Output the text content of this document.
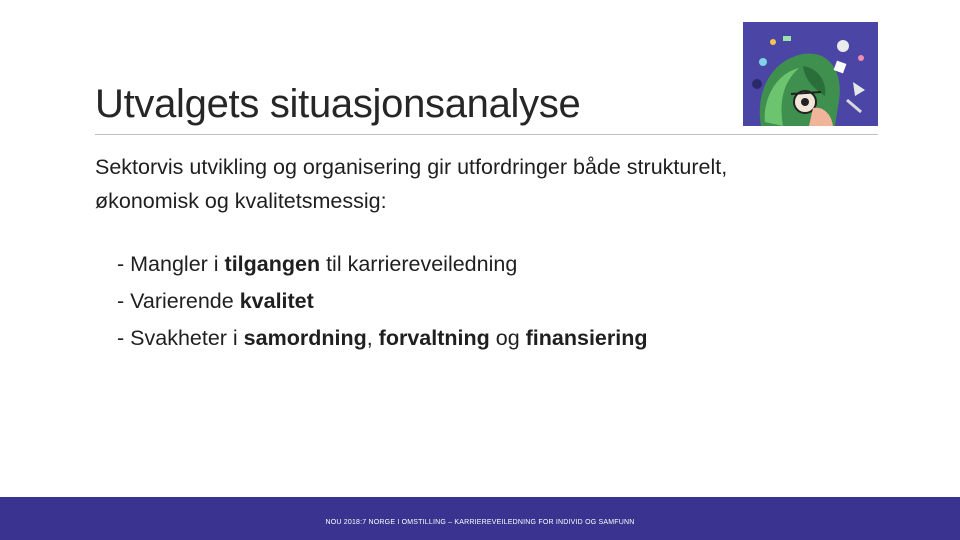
Utvalgets situasjonsanalyse
Sektorvis utvikling og organisering gir utfordringer både strukturelt,
økonomisk og kvalitetsmessig:
- Mangler i tilgangen til karriereveiledning
- Varierende kvalitet
- Svakheter i samordning, forvaltning og finansiering
NOU 2018:7 NORGE I OMSTILLING – KARRIEREVEILEDNING FOR INDIVID OG SAMFUNN
